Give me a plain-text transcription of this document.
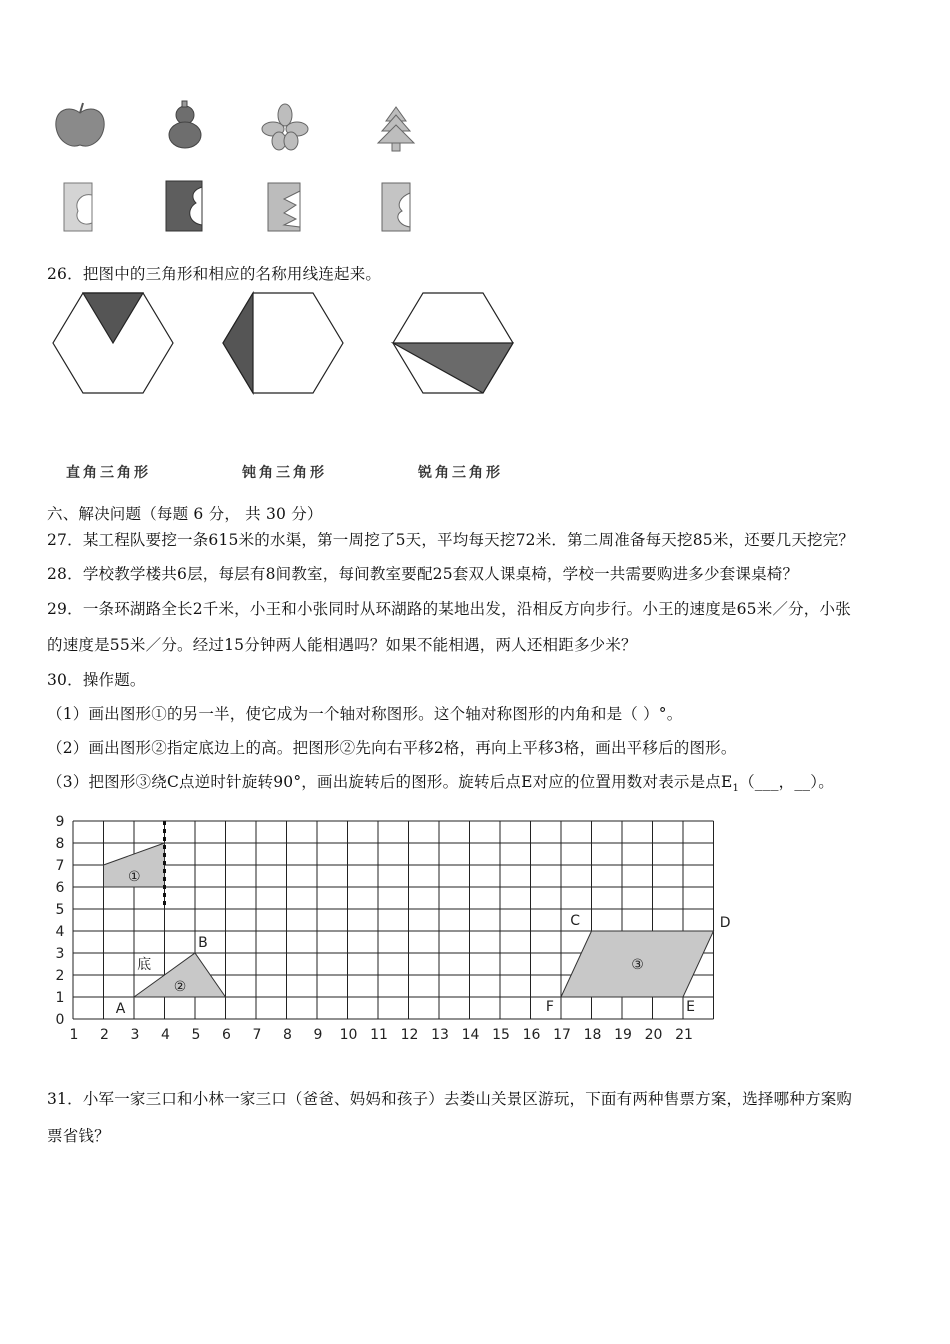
26．把图中的三角形和相应的名称用线连起来。
直角三角形	钝角三角形	锐角三角形
六、解决问题（每题 6 分， 共 30 分）
27．某工程队要挖一条615米的水渠，第一周挖了5天，平均每天挖72米．第二周准备每天挖85米，还要几天挖完？
28．学校教学楼共6层，每层有8间教室，每间教室要配25套双人课桌椅，学校一共需要购进多少套课桌椅？
29．一条环湖路全长2千米，小王和小张同时从环湖路的某地出发，沿相反方向步行。小王的速度是65米／分，小张
的速度是55米／分。经过15分钟两人能相遇吗？如果不能相遇，两人还相距多少米？
30．操作题。
（1）画出图形①的另一半，使它成为一个轴对称图形。这个轴对称图形的内角和是（ ）°。
（2）画出图形②指定底边上的高。把图形②先向右平移2格，再向上平移3格，画出平移后的图形。
（3）把图形③绕C点逆时针旋转90°，画出旋转后的图形。旋转后点E对应的位置用数对表示是点$E_1(\_\_\_$，__）。
1 2 3 4 5 6 7 8 9 10 11 12 13 14 15 16 17 18 19 20 21
0
1
2
3
4
5
6
7
8
9
①
②
底
A
B
③
C	D
E
F
31．小军一家三口和小林一家三口（爸爸、妈妈和孩子）去娄山关景区游玩，下面有两种售票方案，选择哪种方案购
票省钱？
